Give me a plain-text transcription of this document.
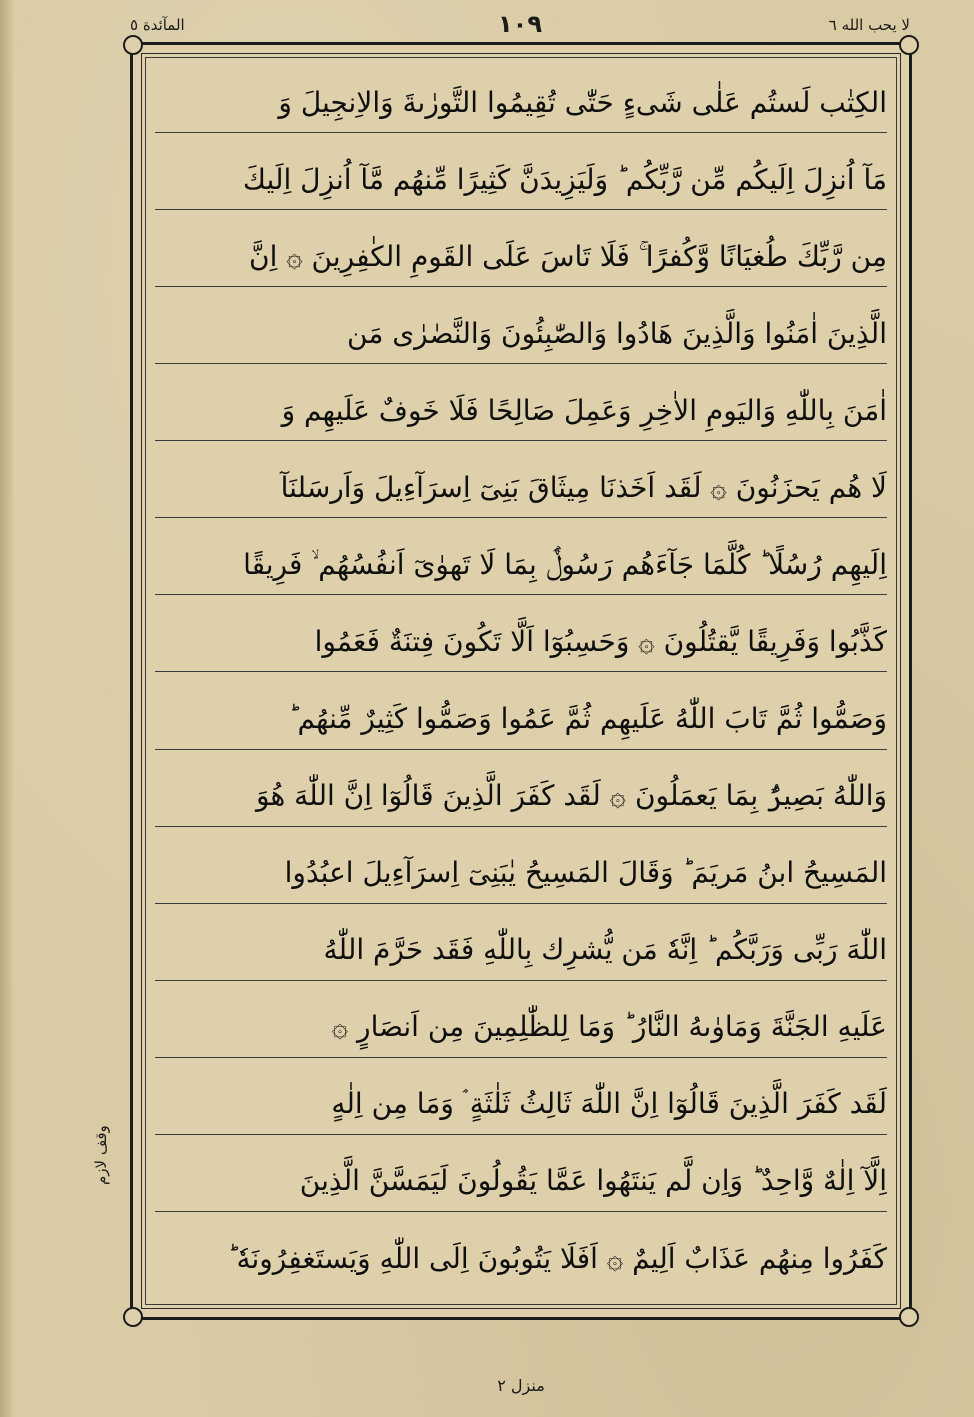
لا يحب الله ٦
١٠٩
المآئدة ٥
الكِتٰب لَستُم عَلٰى شَىءٍ حَتّٰى تُقِيمُوا التَّورٰىةَ وَالاِنجِيلَ وَ
مَآ اُنزِلَ اِلَيكُم مِّن رَّبِّكُم ؕ وَلَيَزِيدَنَّ كَثِيرًا مِّنهُم مَّآ اُنزِلَ اِلَيكَ
مِن رَّبِّكَ طُغيَانًا وَّكُفرًا ۚ فَلَا تَاسَ عَلَى القَومِ الكٰفِرِينَ ۞ اِنَّ
الَّذِينَ اٰمَنُوا وَالَّذِينَ هَادُوا وَالصّٰبِئُونَ وَالنَّصٰرٰى مَن
اٰمَنَ بِاللّٰهِ وَاليَومِ الاٰخِرِ وَعَمِلَ صَالِحًا فَلَا خَوفٌ عَلَيهِم وَ
لَا هُم يَحزَنُونَ ۞ لَقَد اَخَذنَا مِيثَاقَ بَنِىٓ اِسرَآءِيلَ وَاَرسَلنَآ
اِلَيهِم رُسُلًا ؕ كُلَّمَا جَآءَهُم رَسُولٌۢ بِمَا لَا تَهوٰىٓ اَنفُسُهُم ۙ فَرِيقًا
كَذَّبُوا وَفَرِيقًا يَّقتُلُونَ ۞ وَحَسِبُوٓا اَلَّا تَكُونَ فِتنَةٌ فَعَمُوا
وَصَمُّوا ثُمَّ تَابَ اللّٰهُ عَلَيهِم ثُمَّ عَمُوا وَصَمُّوا كَثِيرٌ مِّنهُم ؕ
وَاللّٰهُ بَصِيرٌۢ بِمَا يَعمَلُونَ ۞ لَقَد كَفَرَ الَّذِينَ قَالُوٓا اِنَّ اللّٰهَ هُوَ
المَسِيحُ ابنُ مَريَمَ ؕ وَقَالَ المَسِيحُ يٰبَنِىٓ اِسرَآءِيلَ اعبُدُوا
اللّٰهَ رَبِّى وَرَبَّكُم ؕ اِنَّهٗ مَن يُّشرِك بِاللّٰهِ فَقَد حَرَّمَ اللّٰهُ
عَلَيهِ الجَنَّةَ وَمَاوٰىهُ النَّارُ ؕ وَمَا لِلظّٰلِمِينَ مِن اَنصَارٍ ۞
لَقَد كَفَرَ الَّذِينَ قَالُوٓا اِنَّ اللّٰهَ ثَالِثُ ثَلٰثَةٍ ۘ وَمَا مِن اِلٰهٍ
اِلَّآ اِلٰهٌ وَّاحِدٌ ؕ وَاِن لَّم يَنتَهُوا عَمَّا يَقُولُونَ لَيَمَسَّنَّ الَّذِينَ
كَفَرُوا مِنهُم عَذَابٌ اَلِيمٌ ۞ اَفَلَا يَتُوبُونَ اِلَى اللّٰهِ وَيَستَغفِرُونَهٗ ؕ
وقف لازم
منزل ٢
